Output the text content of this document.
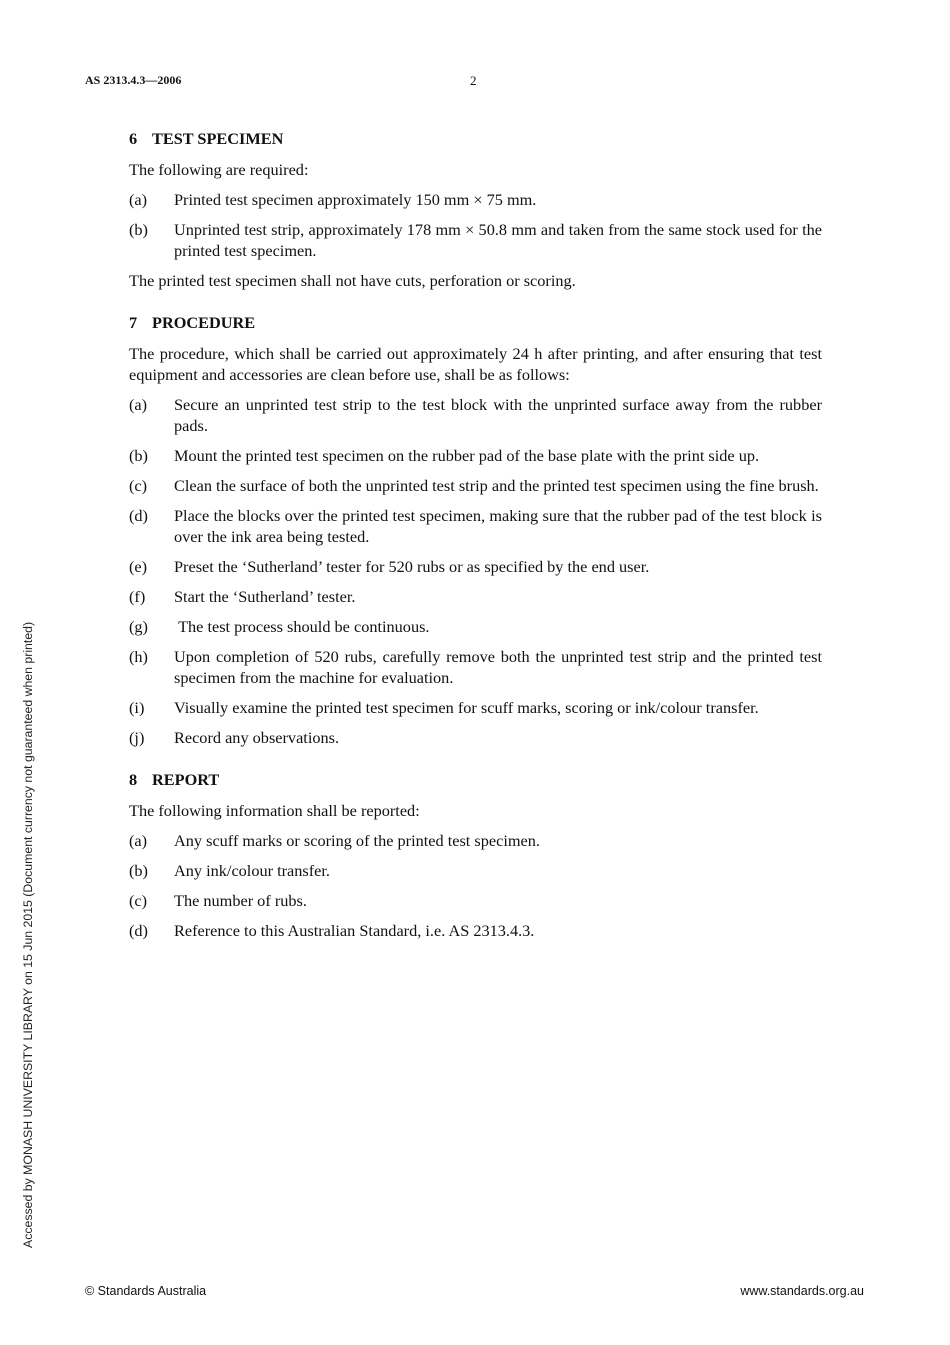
AS 2313.4.3—2006	2
6 TEST SPECIMEN

The following are required:

(a)	Printed test specimen approximately 150 mm × 75 mm.
(b)	Unprinted test strip, approximately 178 mm × 50.8 mm and taken from the same stock used for the printed test specimen.

The printed test specimen shall not have cuts, perforation or scoring.

7 PROCEDURE

The procedure, which shall be carried out approximately 24 h after printing, and after ensuring that test equipment and accessories are clean before use, shall be as follows:

(a)	Secure an unprinted test strip to the test block with the unprinted surface away from the rubber pads.
(b)	Mount the printed test specimen on the rubber pad of the base plate with the print side up.
(c)	Clean the surface of both the unprinted test strip and the printed test specimen using the fine brush.
(d)	Place the blocks over the printed test specimen, making sure that the rubber pad of the test block is over the ink area being tested.
(e)	Preset the ‘Sutherland’ tester for 520 rubs or as specified by the end user.
(f)	Start the ‘Sutherland’ tester.
(g)	The test process should be continuous.
(h)	Upon completion of 520 rubs, carefully remove both the unprinted test strip and the printed test specimen from the machine for evaluation.
(i)	Visually examine the printed test specimen for scuff marks, scoring or ink/colour transfer.
(j)	Record any observations.
8 REPORT

The following information shall be reported:

(a)	Any scuff marks or scoring of the printed test specimen.
(b)	Any ink/colour transfer.
(c)	The number of rubs.
(d)	Reference to this Australian Standard, i.e. AS 2313.4.3.
Accessed by MONASH UNIVERSITY LIBRARY on 15 Jun 2015 (Document currency not guaranteed when printed)
© Standards Australia	www.standards.org.au
